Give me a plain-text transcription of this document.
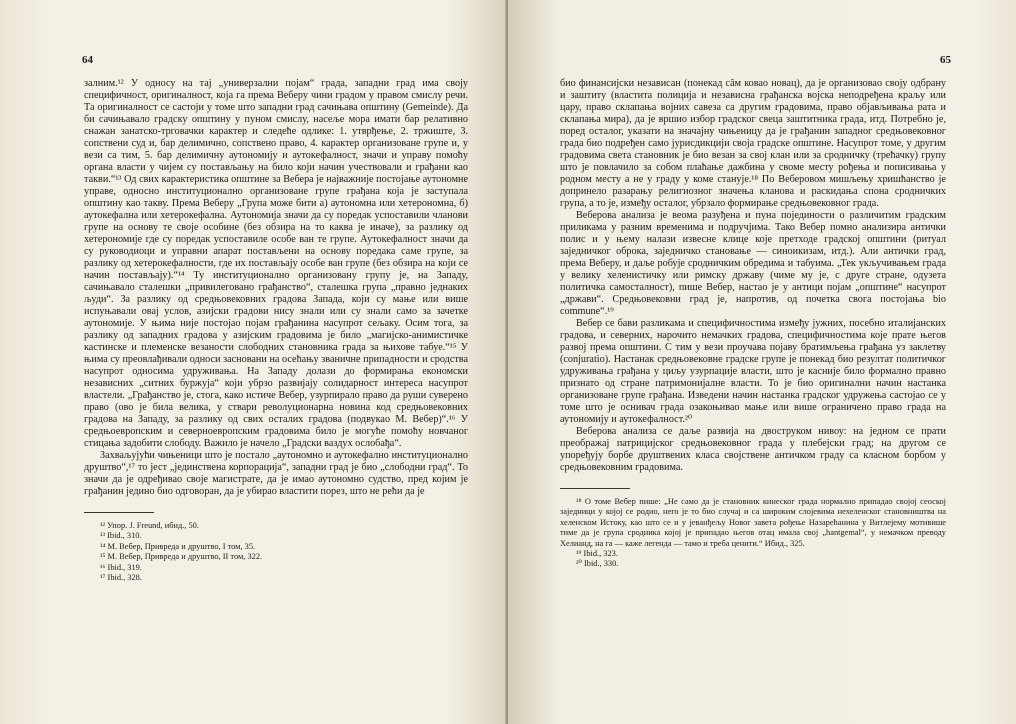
64

залним.¹² У односу на тај „универзални појам“ града, западни град има своју специфичност, оригиналност, која га према Веберу чини градом у правом смислу речи. Та оригиналност се састоји у томе што западни град сачињава општину (Gemeinde). Да би сачињавало градску општину у пуном смислу, насеље мора имати бар релативно снажан занатско-трговачки карактер и следеће одлике: 1. утврђење, 2. тржиште, 3. сопствени суд и, бар делимично, сопствено право, 4. карактер организоване групе и, у вези са тим, 5. бар делимичну аутономију и аутокефалност, значи и управу помоћу органа власти у чијем су постављању на било који начин учествовали и грађани као такви.“¹³ Од свих карактеристика општине за Вебера је најважније постојање аутономне управе, односно институционално организоване групе грађана која је заступала општину као такву. Према Веберу „Група може бити а) аутономна или хетерономна, б) аутокефална или хетерокефална. Аутономија значи да су поредак успоставили чланови групе на основу те своје особине (без обзира на то каква је иначе), за разлику од хетерономије где су поредак успоставиле особе ван те групе. Аутокефалност значи да су руководиоци и управни апарат постављени на основу поредака саме групе, за разлику од хетерокефалности, где их постављају особе ван групе (без обзира на који се начин постављају).“¹⁴ Ту институционално организовану групу је, на Западу, сачињавало сталешки „привилеговано грађанство“, сталешка група „правно једнаких људи“. За разлику од средњовековних градова Запада, који су мање или више испуњавали овај услов, азијски градови нису знали или су знали само за зачетке аутономије. У њима није постојао појам грађанина насупрот сељаку. Осим тога, за разлику од западних градова у азијским градовима је било „магијско-анимистичке кастинске и племенске везаности слободних становника града за њихове табуе.“¹⁵ У њима су преовлађивали односи засновани на осећању званичне припадности и сродства насупрот односима удруживања. На Западу долази до формирања економски независних „ситних буржуја“ који убрзо развијају солидарност интереса насупрот властели. „Грађанство је, стога, како истиче Вебер, узурпирало право да руши суверено право (ово је била велика, у ствари револуционарна новина код средњовековних градова на Западу, за разлику од свих осталих градова (подвукао М. Вебер)“.¹⁶ У средњоевропским и северноевропским градовима било је могуће помоћу новчаног стицања задобити слободу. Важило је начело „Градски ваздух ослобађа“.

Захваљујући чињеници што је постало „аутономно и аутокефално институционално друштво“,¹⁷ то јест „јединствена корпорација“, западни град је био „слободни град“. То значи да је одређивао своје магистрате, да је имао аутономно судство, пред којим је грађанин једино био одговоран, да је убирао властити порез, што не рећи да је

¹² Упор. J. Freund, ибид., 50.

¹³ Ibid., 310.

¹⁴ М. Вебер, Привреда и друштво, I том, 35.

¹⁵ М. Вебер, Привреда и друштво, II том, 322.

¹⁶ Ibid., 319.

¹⁷ Ibid., 328.

65

био финансијски независан (понекад сâм ковао новац), да је организовао своју одбрану и заштиту (властита полиција и независна грађанска војска неподређена краљу или цару, право склапања војних савеза са другим градовима, право објављивања рата и склапања мира), да је вршио избор градског свеца заштитника града, итд. Потребно је, поред осталог, указати на значајну чињеницу да је грађанин западног средњовековног града био подређен само јурисдикцији своја градске општине. Насупрот томе, у другим градовима света становник је био везан за свој клан или за сродничку (трећачку) групу што је повлачило за собом плаћање дажбина у своме месту рођења и пописивања у родном месту а не у граду у коме станује.¹⁸ По Веберовом мишљењу хришћанство је допринело разарању религиозног значења кланова и раскидања спона сродничких група, а то је, између осталог, убрзало формирање средњовековног града.

Веберова анализа је веома разуђена и пуна појединости о различитим градским приликама у разним временима и подручјима. Тако Вебер помно анализира антички полис и у њему налази извесне клице које претходе градској општини (ритуал заједничког оброка, заједничко становање — синоикизам, итд.). Али антички град, према Веберу, и даље робује сродничким обредима и табуима. „Тек укључивањем града у велику хеленистичку или римску државу (чиме му је, с друге стране, одузета политичка самосталност), пише Вебер, настао је у антици појам „општине“ насупрот „држави“. Средњовековни град је, напротив, од почетка свога постојања bio commune“.¹⁹

Вебер се бави разликама и специфичностима између јужних, посебно италијанских градова, и северних, нарочито немачких градова, специфичностима које прате његов развој према општини. С тим у вези проучава појаву братимљења грађана уз заклетву (conjuratio). Настанак средњовековне градске групе је понекад био резултат политичког удруживања грађана у циљу узурпације власти, што је касније било формално правно признато од стране патримонијалне власти. То је био оригинални начин настанка организоване групе грађана. Изведени начин настанка градског удружења састојао се у томе што је оснивач града озакоњивао мање или више ограничено право града на аутономију и аутокефалност.²⁰

Веберова анализа се даље развија на двоструком нивоу: на једном се прати преображај патрицијског средњовековног града у плебејски град; на другом се упоређују борбе друштвених класа својствене античком граду са класном борбом у средњовековним градовима.

¹⁸ О томе Вебер пише: „Не само да је становник кинеског града нормално припадао својој сеоској заједници у којој се родио, него је то био случај и са широким слојевима нехеленског становништва на хеленском Истоку, као што се и у јеванђељу Новог завета рођење Назарећанина у Витлејему мотивише тиме да је група сродника којој је припадао његов отац имала свој „hantgemal“, у немачком преводу Хелианд, на га — каже легенда — тамо и треба ценити.“ Ибид., 325.

¹⁹ Ibid., 323.

²⁰ Ibid., 330.
